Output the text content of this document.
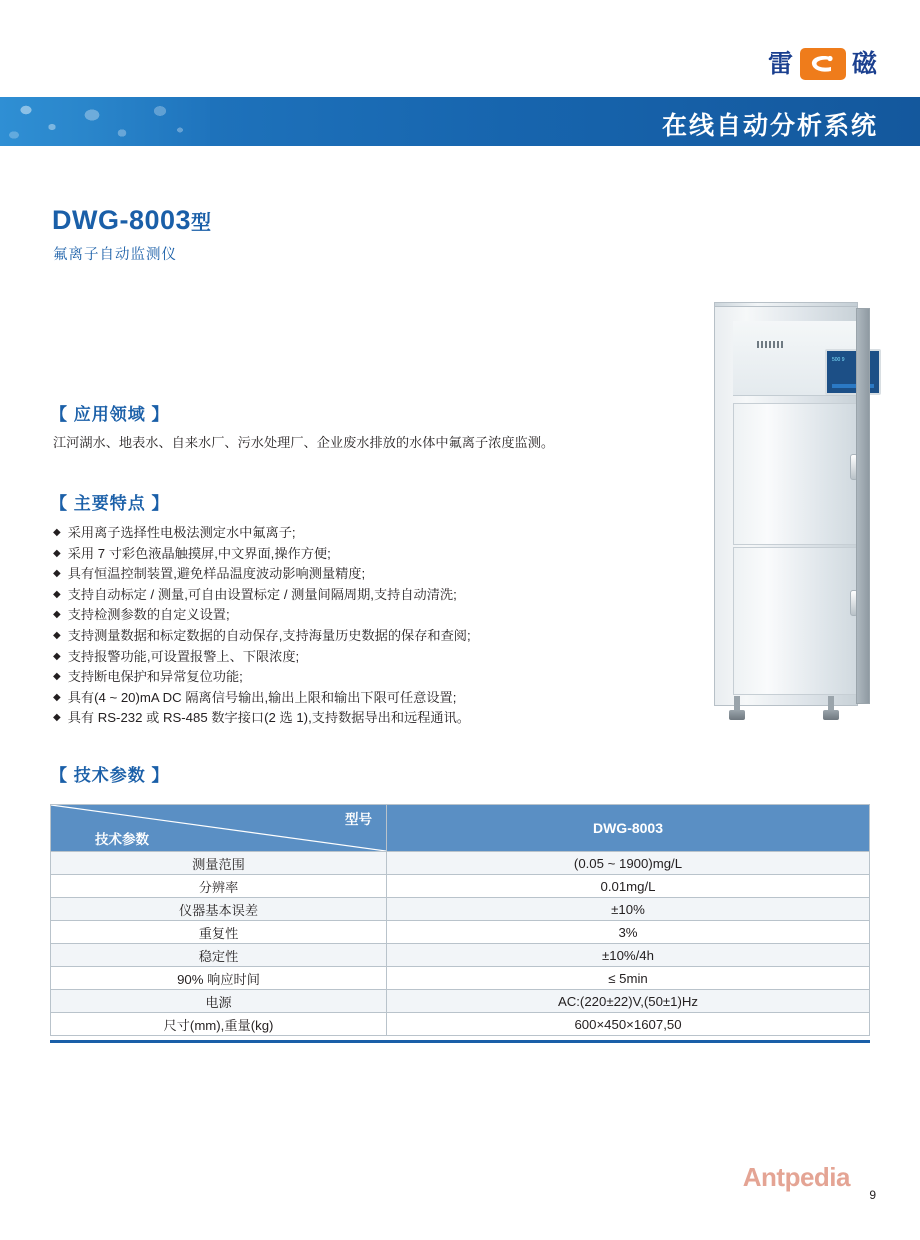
雷 磁
在线自动分析系统
DWG-8003型
氟离子自动监测仪
【 应用领域 】
江河湖水、地表水、自来水厂、污水处理厂、企业废水排放的水体中氟离子浓度监测。
【 主要特点 】
◆ 采用离子选择性电极法测定水中氟离子;
◆ 采用 7 寸彩色液晶触摸屏,中文界面,操作方便;
◆ 具有恒温控制装置,避免样品温度波动影响测量精度;
◆ 支持自动标定 / 测量,可自由设置标定 / 测量间隔周期,支持自动清洗;
◆ 支持检测参数的自定义设置;
◆ 支持测量数据和标定数据的自动保存,支持海量历史数据的保存和查阅;
◆ 支持报警功能,可设置报警上、下限浓度;
◆ 支持断电保护和异常复位功能;
◆ 具有(4 ~ 20)mA DC 隔离信号输出,输出上限和输出下限可任意设置;
◆ 具有 RS-232 或 RS-485 数字接口(2 选 1),支持数据导出和远程通讯。
500 9
【 技术参数 】
型号
技术参数	DWG-8003
测量范围	(0.05 ~ 1900)mg/L
分辨率	0.01mg/L
仪器基本误差	±10%
重复性	3%
稳定性	±10%/4h
90% 响应时间	≤ 5min
电源	AC:(220±22)V,(50±1)Hz
尺寸(mm),重量(kg)	600×450×1607,50
Antpedia
9
